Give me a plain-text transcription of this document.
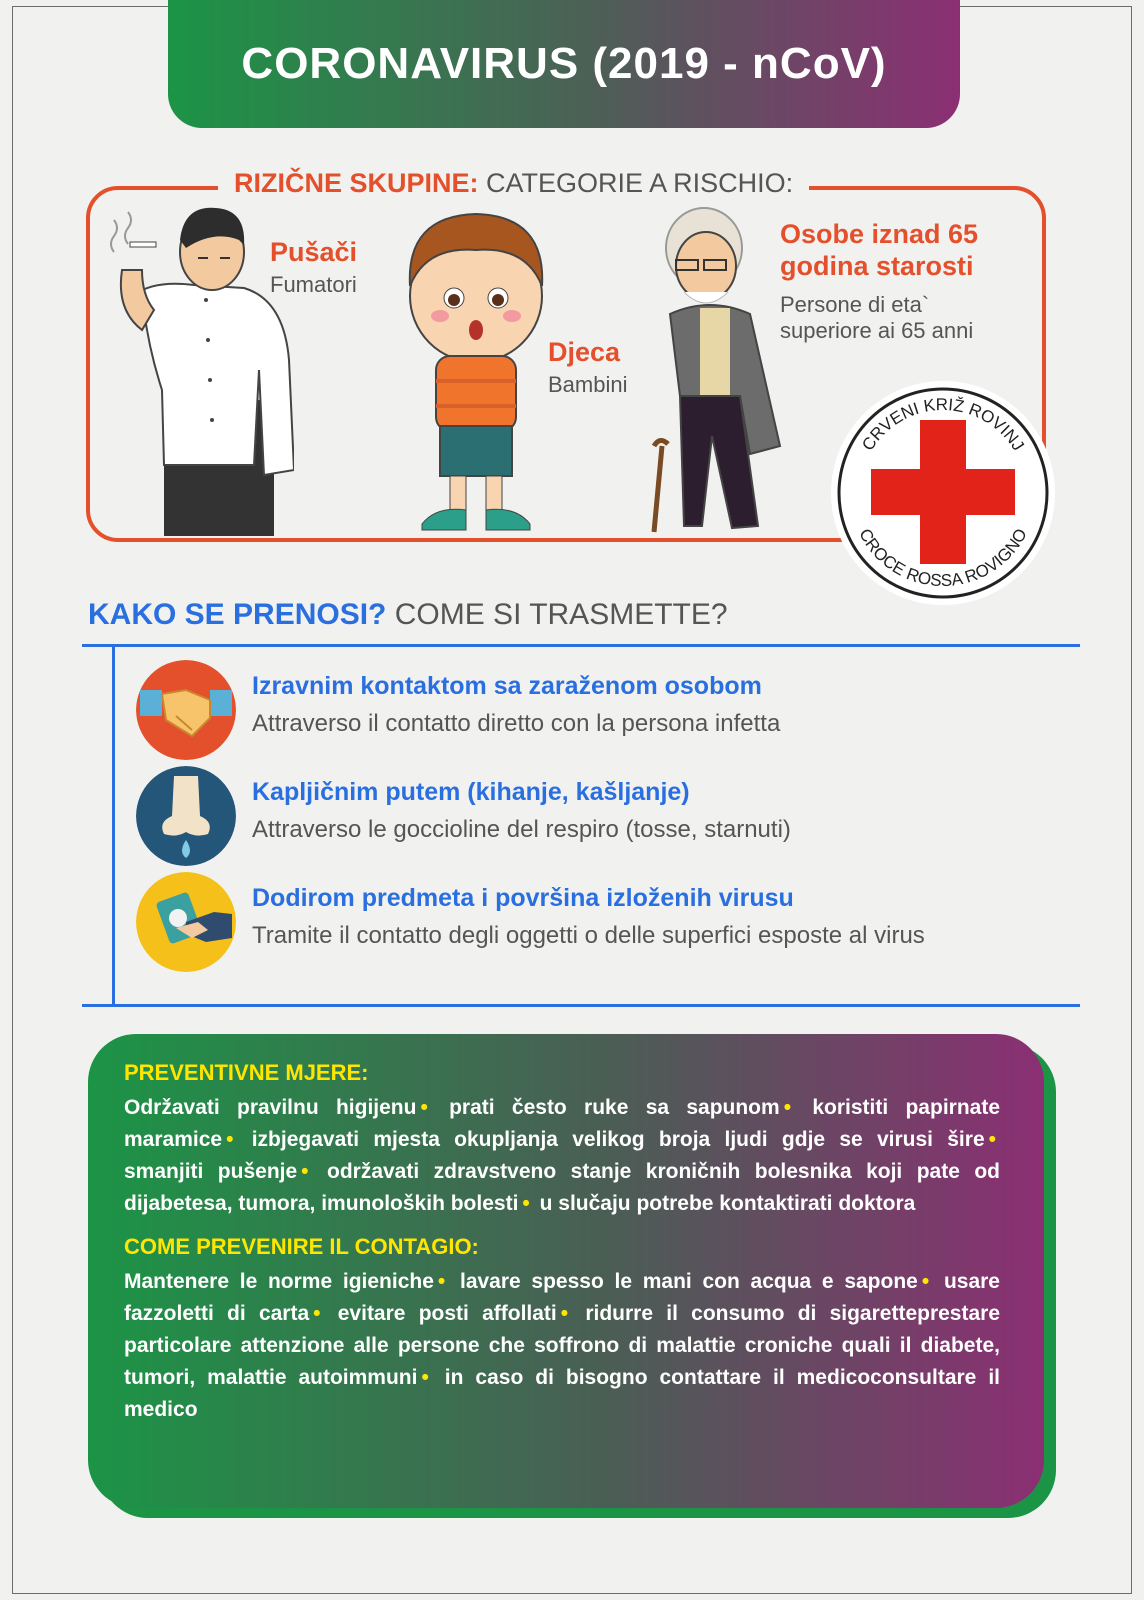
CORONAVIRUS (2019 - nCoV)
RIZIČNE SKUPINE: CATEGORIE A RISCHIO:
Pušači
Fumatori
Djeca
Bambini
Osobe iznad 65
godina starosti
Persone di eta`
superiore ai 65 anni
CRVENI KRIŽ ROVINJ
CROCE ROSSA ROVIGNO
KAKO SE PRENOSI? COME SI TRASMETTE?
Izravnim kontaktom sa zaraženom osobom
Attraverso il contatto diretto con la persona infetta
Kapljičnim putem (kihanje, kašljanje)
Attraverso le goccioline del respiro (tosse, starnuti)
Dodirom predmeta i površina izloženih virusu
Tramite il contatto degli oggetti o delle superfici esposte al virus
PREVENTIVNE MJERE:

Održavati pravilnu higijenu • prati često ruke sa sapunom • koristiti papirnate maramice • izbjegavati mjesta okupljanja velikog broja ljudi gdje se virusi šire • smanjiti pušenje • održavati zdravstveno stanje kroničnih bolesnika koji pate od dijabetesa, tumora, imunoloških bolesti • u slučaju potrebe kontaktirati doktora

COME PREVENIRE IL CONTAGIO:

Mantenere le norme igieniche • lavare spesso le mani con acqua e sapone • usare fazzoletti di carta • evitare posti affollati • ridurre il consumo di sigaretteprestare particolare attenzione alle persone che soffrono di malattie croniche quali il diabete, tumori, malattie autoimmuni • in caso di bisogno contattare il medicoconsultare il medico
